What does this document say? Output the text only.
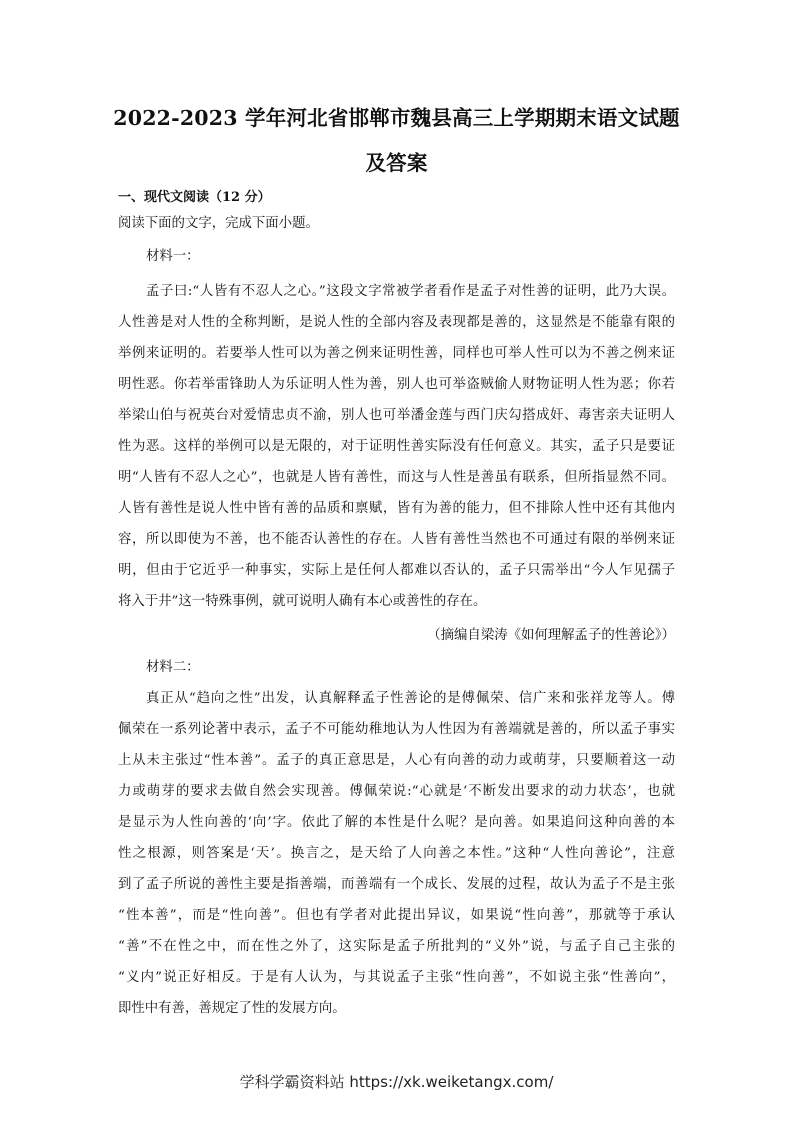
2022-2023 学年河北省邯郸市魏县高三上学期期末语文试题
及答案

一、现代文阅读（12 分）

阅读下面的文字，完成下面小题。

材料一：

孟子曰:“人皆有不忍人之心。”这段文字常被学者看作是孟子对性善的证明，此乃大误。

人性善是对人性的全称判断，是说人性的全部内容及表现都是善的，这显然是不能靠有限的

举例来证明的。若要举人性可以为善之例来证明性善，同样也可举人性可以为不善之例来证

明性恶。你若举雷锋助人为乐证明人性为善，别人也可举盗贼偷人财物证明人性为恶；你若

举梁山伯与祝英台对爱情忠贞不渝，别人也可举潘金莲与西门庆勾搭成奸、毒害亲夫证明人

性为恶。这样的举例可以是无限的，对于证明性善实际没有任何意义。其实，孟子只是要证

明“人皆有不忍人之心”，也就是人皆有善性，而这与人性是善虽有联系，但所指显然不同。

人皆有善性是说人性中皆有善的品质和禀赋，皆有为善的能力，但不排除人性中还有其他内

容，所以即使为不善，也不能否认善性的存在。人皆有善性当然也不可通过有限的举例来证

明，但由于它近乎一种事实，实际上是任何人都难以否认的，孟子只需举出“今人乍见孺子

将入于井”这一特殊事例，就可说明人确有本心或善性的存在。

（摘编自梁涛《如何理解孟子的性善论》）

材料二：

真正从“趋向之性”出发，认真解释孟子性善论的是傅佩荣、信广来和张祥龙等人。傅

佩荣在一系列论著中表示，孟子不可能幼稚地认为人性因为有善端就是善的，所以孟子事实

上从未主张过“性本善”。孟子的真正意思是，人心有向善的动力或萌芽，只要顺着这一动

力或萌芽的要求去做自然会实现善。傅佩荣说:“心就是‘不断发出要求的动力状态’，也就

是显示为人性向善的‘向’字。依此了解的本性是什么呢？是向善。如果追问这种向善的本

性之根源，则答案是‘天’。换言之，是天给了人向善之本性。”这种“人性向善论”，注意

到了孟子所说的善性主要是指善端，而善端有一个成长、发展的过程，故认为孟子不是主张

“性本善”，而是“性向善”。但也有学者对此提出异议，如果说“性向善”，那就等于承认

“善”不在性之中，而在性之外了，这实际是孟子所批判的“义外”说，与孟子自己主张的

“义内”说正好相反。于是有人认为，与其说孟子主张“性向善”，不如说主张“性善向”，

即性中有善，善规定了性的发展方向。

学科学霸资料站 https://xk.weiketangx.com/
